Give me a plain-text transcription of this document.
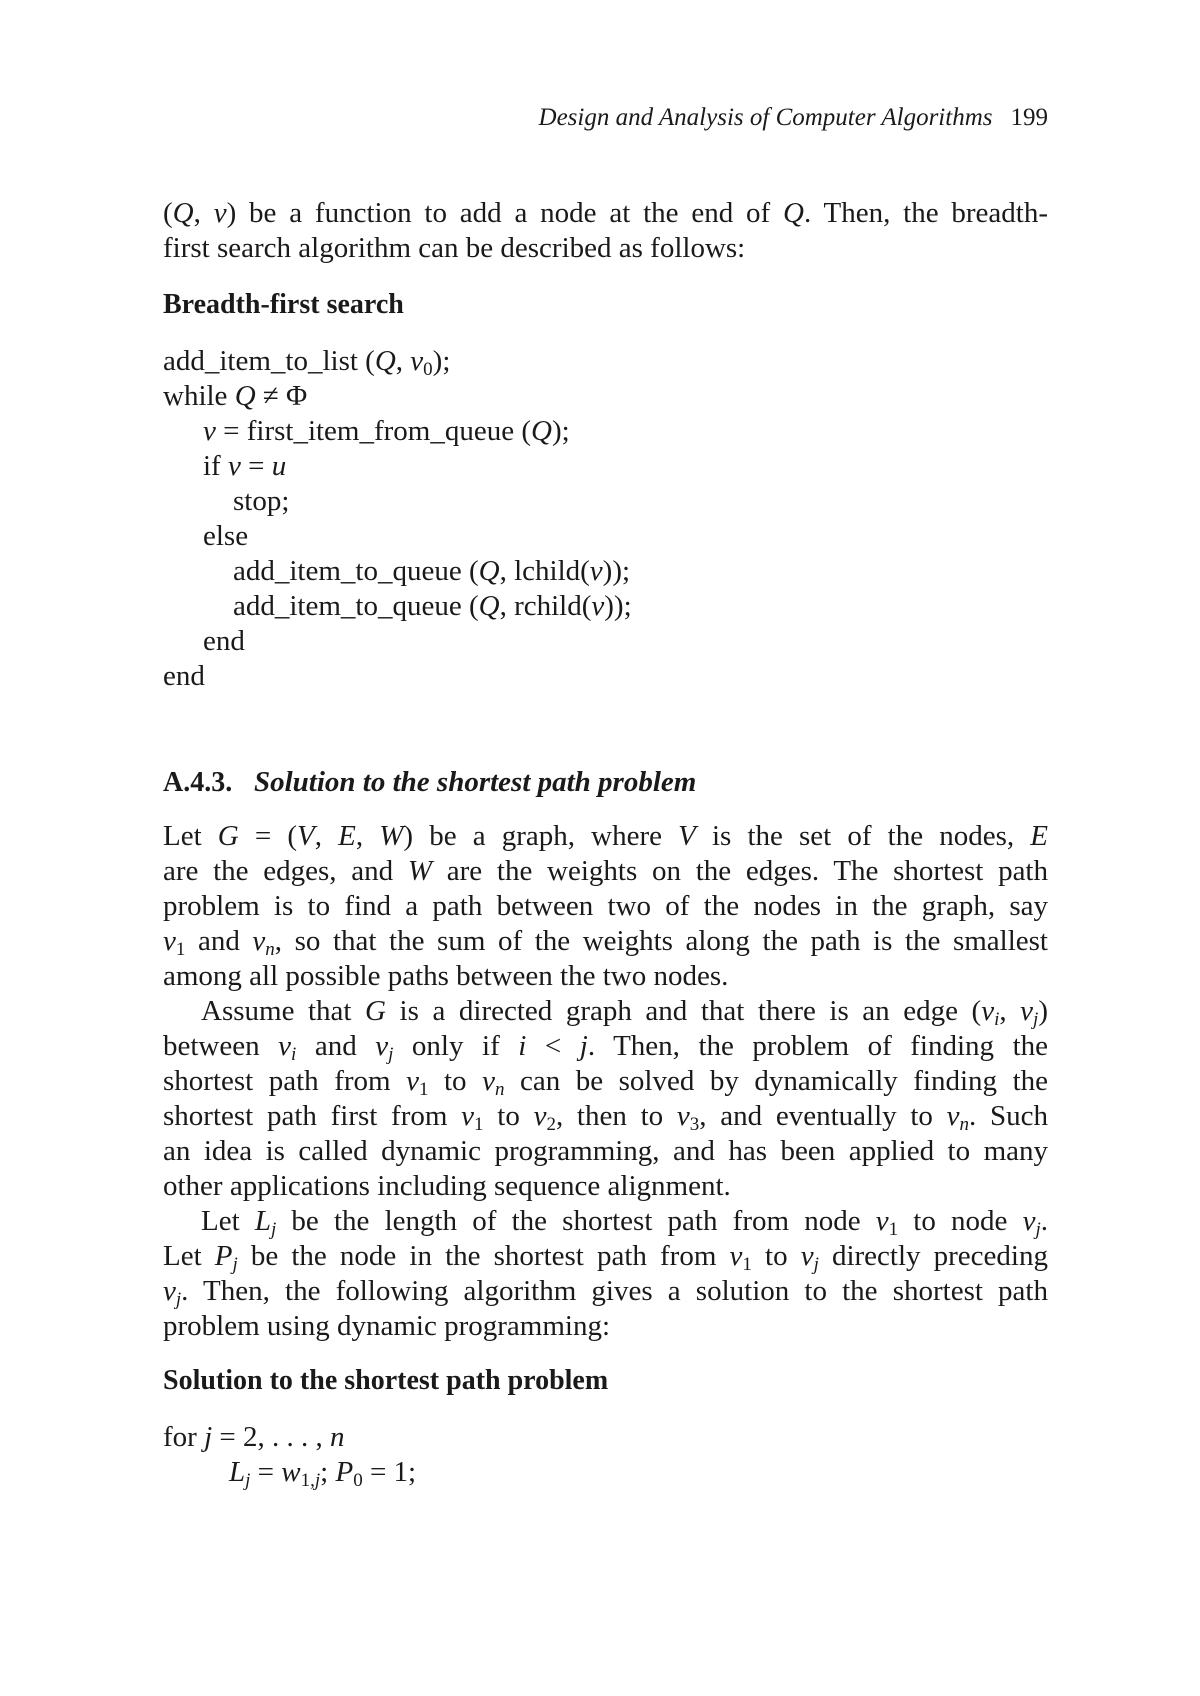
Design and Analysis of Computer Algorithms 199
(Q, v) be a function to add a node at the end of Q. Then, the breadth-
first search algorithm can be described as follows:
Breadth-first search
add_item_to_list (Q, $v_0$);
while Q ≠ Φ
v = first_item_from_queue (Q);
if v = u
stop;
else
add_item_to_queue (Q, lchild(v));
add_item_to_queue (Q, rchild(v));
end
end
A.4.3. Solution to the shortest path problem
Let G = (V, E, W) be a graph, where V is the set of the nodes, E
are the edges, and W are the weights on the edges. The shortest path
problem is to find a path between two of the nodes in the graph, say
$v_1$ and $v_n$, so that the sum of the weights along the path is the smallest
among all possible paths between the two nodes.
Assume that G is a directed graph and that there is an edge ($v_i$, $v_j$)
between $v_i$ and $v_j$ only if i < j. Then, the problem of finding the
shortest path from $v_1$ to $v_n$ can be solved by dynamically finding the
shortest path first from $v_1$ to $v_2$, then to $v_3$, and eventually to $v_n$. Such
an idea is called dynamic programming, and has been applied to many
other applications including sequence alignment.
Let $L_j$ be the length of the shortest path from node $v_1$ to node $v_j$.
Let $P_j$ be the node in the shortest path from $v_1$ to $v_j$ directly preceding
$v_j$. Then, the following algorithm gives a solution to the shortest path
problem using dynamic programming:
Solution to the shortest path problem
for j = 2, . . . , n
$L_j = w_{1,j}$; $P_0 = 1$;
